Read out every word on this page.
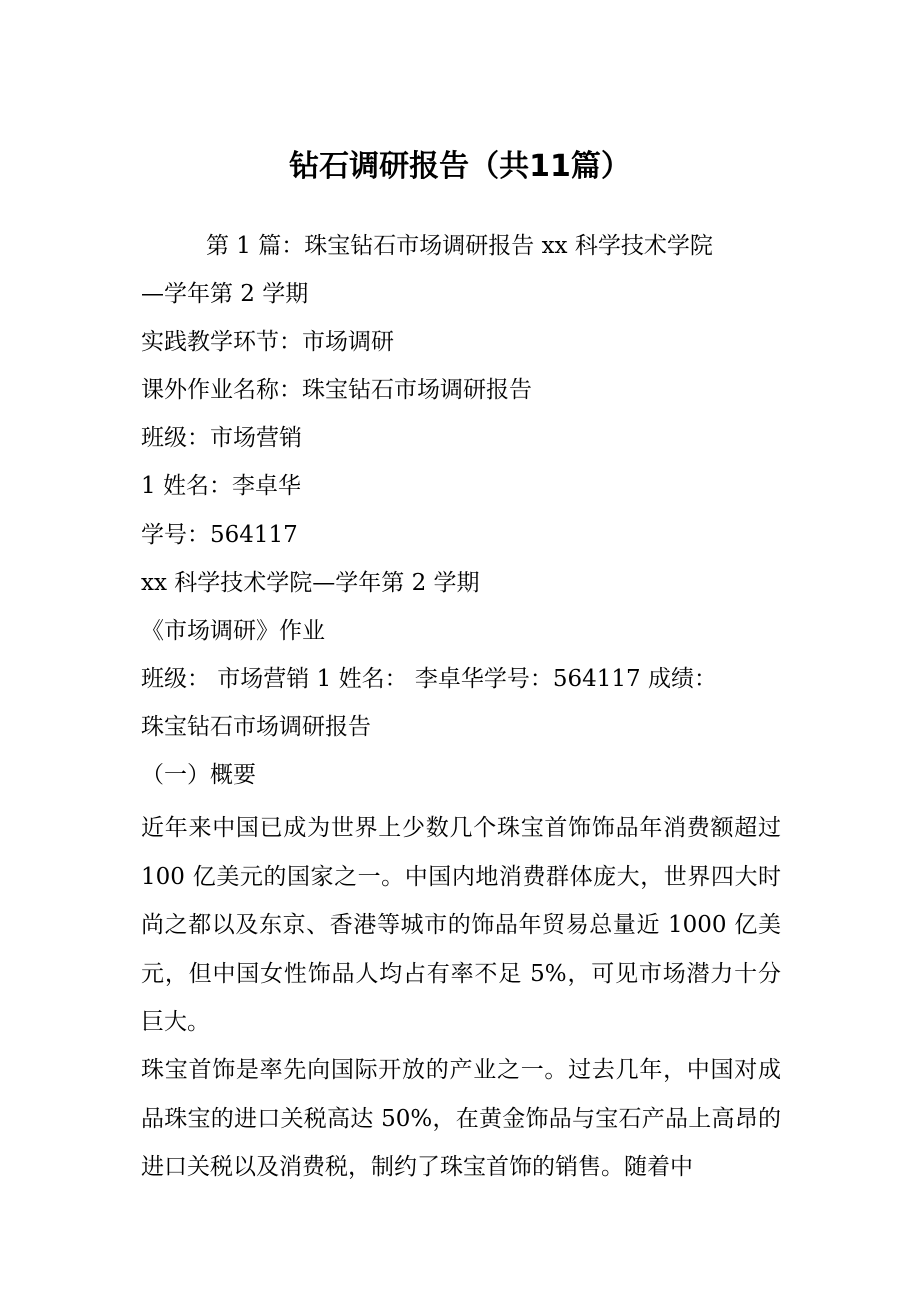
钻石调研报告（共11篇）

第 1 篇：珠宝钻石市场调研报告 xx 科学技术学院

—学年第 2 学期

实践教学环节：市场调研

课外作业名称：珠宝钻石市场调研报告

班级：市场营销

1 姓名：李卓华

学号：564117

xx 科学技术学院—学年第 2 学期

《市场调研》作业

班级： 市场营销 1 姓名： 李卓华学号：564117 成绩：

珠宝钻石市场调研报告

（一）概要

近年来中国已成为世界上少数几个珠宝首饰饰品年消费额超过 100 亿美元的国家之一。中国内地消费群体庞大，世界四大时尚之都以及东京、香港等城市的饰品年贸易总量近 1000 亿美元，但中国女性饰品人均占有率不足 5%，可见市场潜力十分巨大。

珠宝首饰是率先向国际开放的产业之一。过去几年，中国对成品珠宝的进口关税高达 50%，在黄金饰品与宝石产品上高昂的进口关税以及消费税，制约了珠宝首饰的销售。随着中
